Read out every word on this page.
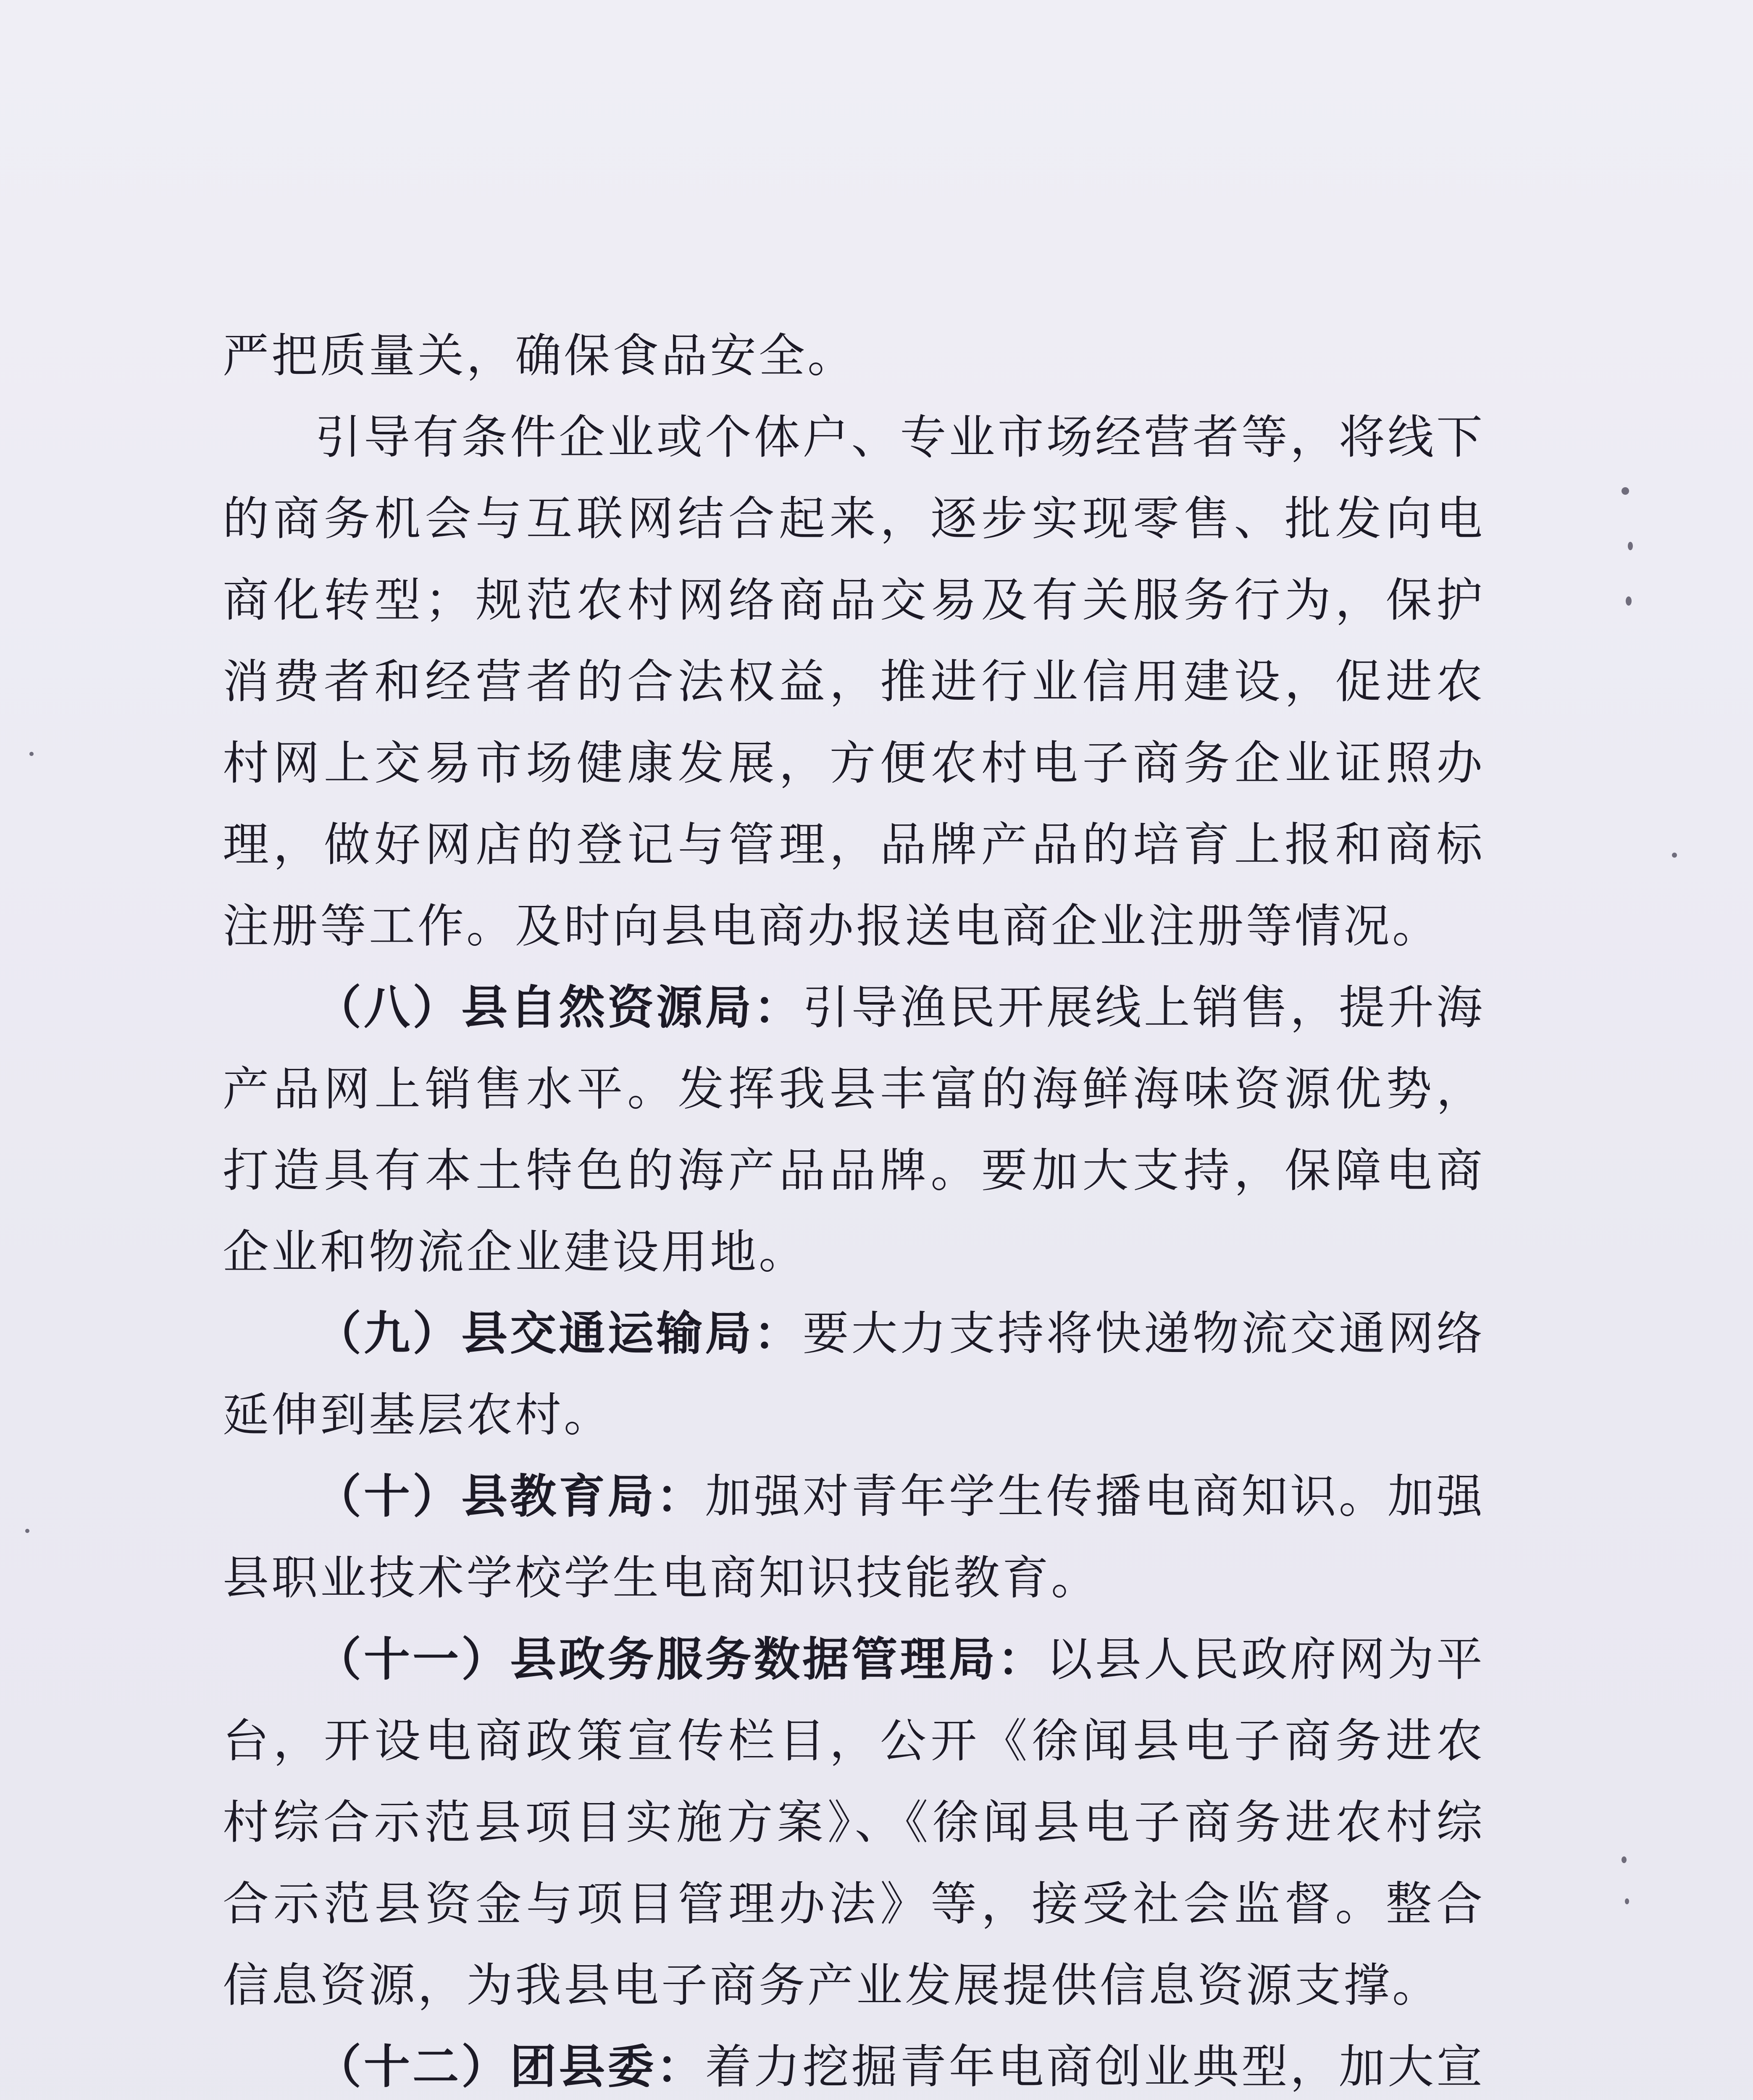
严把质量关，确保食品安全。

引导有条件企业或个体户、专业市场经营者等，将线下的商务机会与互联网结合起来，逐步实现零售、批发向电商化转型；规范农村网络商品交易及有关服务行为，保护消费者和经营者的合法权益，推进行业信用建设，促进农村网上交易市场健康发展，方便农村电子商务企业证照办理，做好网店的登记与管理，品牌产品的培育上报和商标注册等工作。及时向县电商办报送电商企业注册等情况。

（八）县自然资源局：引导渔民开展线上销售，提升海产品网上销售水平。发挥我县丰富的海鲜海味资源优势，打造具有本土特色的海产品品牌。要加大支持，保障电商企业和物流企业建设用地。

（九）县交通运输局：要大力支持将快递物流交通网络延伸到基层农村。

（十）县教育局：加强对青年学生传播电商知识。加强县职业技术学校学生电商知识技能教育。

（十一）县政务服务数据管理局：以县人民政府网为平台，开设电商政策宣传栏目，公开《徐闻县电子商务进农村综合示范县项目实施方案》、《徐闻县电子商务进农村综合示范县资金与项目管理办法》等，接受社会监督。整合信息资源，为我县电子商务产业发展提供信息资源支撑。

（十二）团县委：着力挖掘青年电商创业典型，加大宣
